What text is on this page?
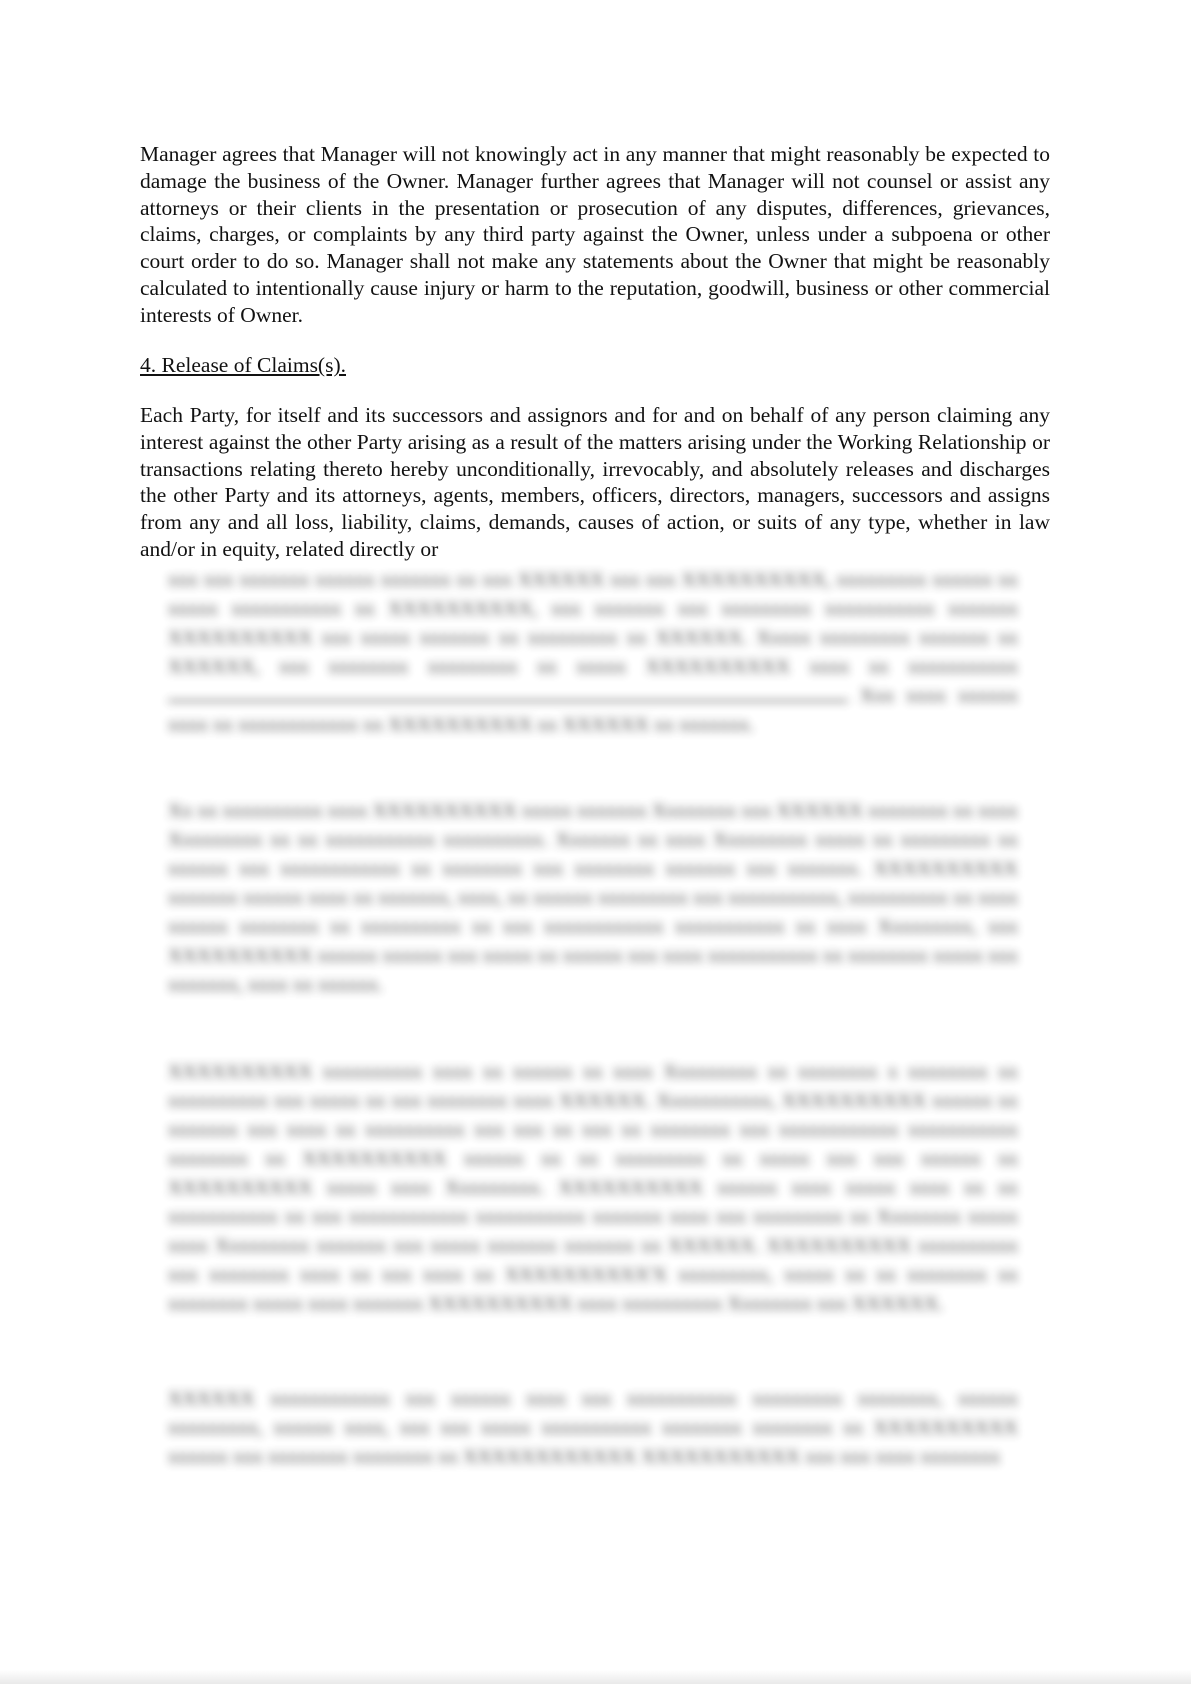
Manager agrees that Manager will not knowingly act in any manner that might reasonably be expected to damage the business of the Owner. Manager further agrees that Manager will not counsel or assist any attorneys or their clients in the presentation or prosecution of any disputes, differences, grievances, claims, charges, or complaints by any third party against the Owner, unless under a subpoena or other court order to do so. Manager shall not make any statements about the Owner that might be reasonably calculated to intentionally cause injury or harm to the reputation, goodwill, business or other commercial interests of Owner.
4. Release of Claims(s).
Each Party, for itself and its successors and assignors and for and on behalf of any person claiming any interest against the other Party arising as a result of the matters arising under the Working Relationship or transactions relating thereto hereby unconditionally, irrevocably, and absolutely releases and discharges the other Party and its attorneys, agents, members, officers, directors, managers, successors and assigns from any and all loss, liability, claims, demands, causes of action, or suits of any type, whether in law and/or in equity, related directly or
xxx xxx xxxxxxx xxxxxx xxxxxxx xx xxx XXXXXX xxx xxx XXXXXXXXXX, xxxxxxxxx xxxxxx xx xxxxx xxxxxxxxxxx xx XXXXXXXXXX, xxx xxxxxxx xxx xxxxxxxxx xxxxxxxxxxx xxxxxxx XXXXXXXXXX xxx xxxxx xxxxxxx xx xxxxxxxxx xx XXXXXX. Xxxxx xxxxxxxxx xxxxxxx xx XXXXXX, xxx xxxxxxxx xxxxxxxxx xx xxxxx XXXXXXXXXX xxxx xx xxxxxxxxxxx  Xxx xxxx xxxxxx xxxx xx xxxxxxxxxxxx xx XXXXXXXXXX xx XXXXXX xx xxxxxxx.
Xx xx xxxxxxxxxx xxxx XXXXXXXXXX xxxxx xxxxxxx Xxxxxxxx xxx XXXXXX xxxxxxxx xx xxxx Xxxxxxxxx xx xx xxxxxxxxxxx xxxxxxxxxx. Xxxxxxx xx xxxx Xxxxxxxxx xxxxx xx xxxxxxxxx xx xxxxxx xxx xxxxxxxxxxxx xx xxxxxxxx xxx xxxxxxxx xxxxxxx xxx xxxxxxx. XXXXXXXXXX xxxxxxx xxxxxx xxxx xx xxxxxxx, xxxx, xx xxxxxx xxxxxxxxx xxx xxxxxxxxxxx, xxxxxxxxxx xx xxxx xxxxxx xxxxxxxx xx xxxxxxxxxx xx xxx xxxxxxxxxxxx xxxxxxxxxxx xx xxxx Xxxxxxxxx, xxx XXXXXXXXXX xxxxxx xxxxxx xxx xxxxx xx xxxxxx xxx xxxx xxxxxxxxxxx xx xxxxxxxx xxxxx xxx xxxxxxx, xxxx xx xxxxxx.
XXXXXXXXXX xxxxxxxxxx xxxx xx xxxxxx xx xxxx Xxxxxxxxx xx xxxxxxxx x xxxxxxxx xx xxxxxxxxxx xxx xxxxx xx xxx xxxxxxxx xxxx XXXXXX. Xxxxxxxxxxx, XXXXXXXXXX xxxxxx xx xxxxxxx xxx xxxx xx xxxxxxxxxx xxx xxx xx xxx xx xxxxxxxx xxx xxxxxxxxxxxx xxxxxxxxxxx xxxxxxxx xx XXXXXXXXXX xxxxxx xx xx xxxxxxxxx xx xxxxx xxx xxx xxxxxx xx XXXXXXXXXX xxxxx xxxx Xxxxxxxxx. XXXXXXXXXX xxxxxx xxxx xxxxx xxxx xx xx xxxxxxxxxxx xx xxx xxxxxxxxxxxx xxxxxxxxxxx xxxxxxx xxxx xxx xxxxxxxxx xx Xxxxxxxx xxxxx xxxx Xxxxxxxxx xxxxxxx xxx xxxxx xxxxxxx xxxxxxx xx XXXXXX. XXXXXXXXXX xxxxxxxxxx xxx xxxxxxxx xxxx xx xxx xxxx xx XXXXXXXXXX'X xxxxxxxxx, xxxxx xx xx xxxxxxxx xx xxxxxxxx xxxxx xxxx xxxxxxx XXXXXXXXXX xxxx xxxxxxxxxx Xxxxxxxx xxx XXXXXX.
XXXXXX xxxxxxxxxxxx xxx xxxxxx xxxx xxx xxxxxxxxxxx xxxxxxxxx xxxxxxxx, xxxxxx xxxxxxxxx, xxxxxx xxxx, xxx xxx xxxxx xxxxxxxxxxx xxxxxxxx xxxxxxxx xx XXXXXXXXXX xxxxxx xxx xxxxxxxx xxxxxxxx xx XXXXXXXXXXXX XXXXXXXXXXX xxx xxx xxxx xxxxxxxx
